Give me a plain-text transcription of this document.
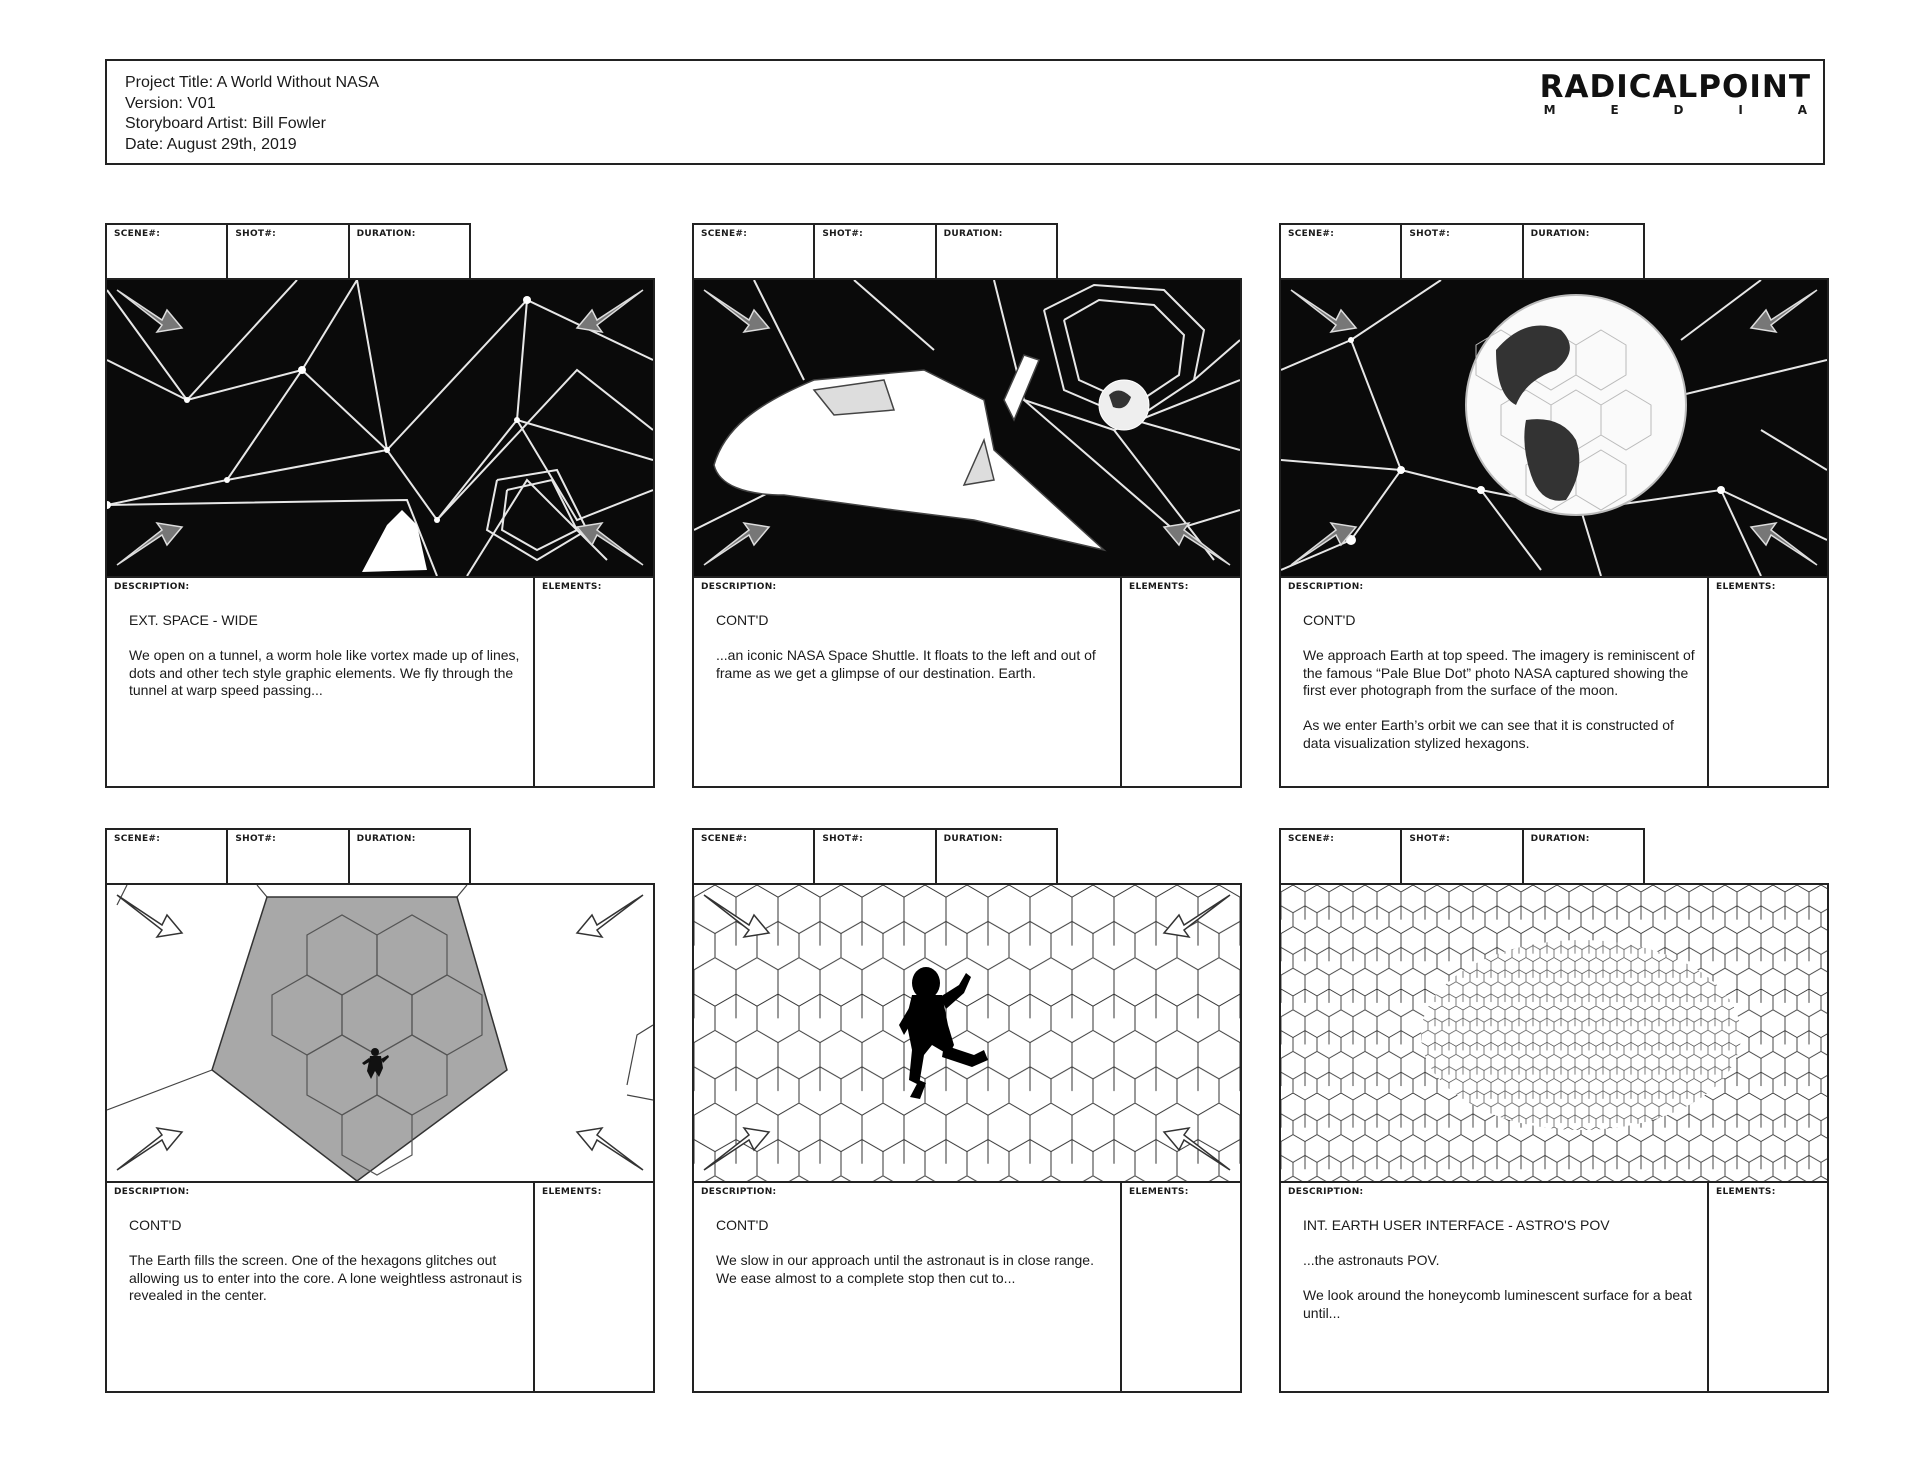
Project Title: A World Without NASA
Version: V01
Storyboard Artist: Bill Fowler
Date: August 29th, 2019
RADICALPOINT
M	E	D	I	A
SCENE#:	SHOT#:	DURATION:
DESCRIPTION:

EXT. SPACE - WIDE

We open on a tunnel, a worm hole like vortex made up of lines, dots and other tech style graphic elements. We fly through the tunnel at warp speed passing...

ELEMENTS:
SCENE#:	SHOT#:	DURATION:
DESCRIPTION:

CONT'D

...an iconic NASA Space Shuttle. It floats to the left and out of frame as we get a glimpse of our destination. Earth.

ELEMENTS:
SCENE#:	SHOT#:	DURATION:
DESCRIPTION:

CONT'D

We approach Earth at top speed. The imagery is reminiscent of the famous “Pale Blue Dot” photo NASA captured showing the first ever photograph from the surface of the moon.

As we enter Earth’s orbit we can see that it is constructed of data visualization stylized hexagons.

ELEMENTS:
SCENE#:	SHOT#:	DURATION:
DESCRIPTION:

CONT'D

The Earth fills the screen. One of the hexagons glitches out allowing us to enter into the core. A lone weightless astronaut is revealed in the center.

ELEMENTS:
SCENE#:	SHOT#:	DURATION:
DESCRIPTION:

CONT'D

We slow in our approach until the astronaut is in close range. We ease almost to a complete stop then cut to...

ELEMENTS:
SCENE#:	SHOT#:	DURATION:
DESCRIPTION:

INT. EARTH USER INTERFACE - ASTRO'S POV

...the astronauts POV.

We look around the honeycomb luminescent surface for a beat until...

ELEMENTS:
